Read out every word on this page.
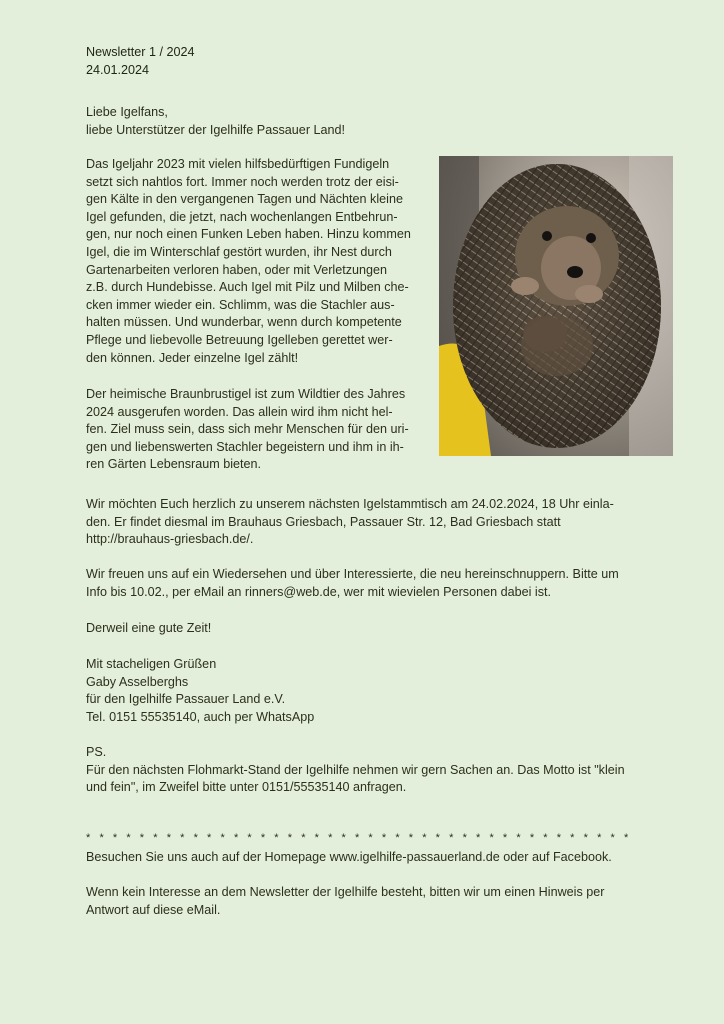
Newsletter 1 / 2024

24.01.2024

Liebe Igelfans,

liebe Unterstützer der Igelhilfe Passauer Land!

Das Igeljahr 2023 mit vielen hilfsbedürftigen Fundigeln

setzt sich nahtlos fort. Immer noch werden trotz der eisi-

gen Kälte in den vergangenen Tagen und Nächten kleine

Igel gefunden, die jetzt, nach wochenlangen Entbehrun-

gen, nur noch einen Funken Leben haben. Hinzu kommen

Igel, die im Winterschlaf gestört wurden, ihr Nest durch

Gartenarbeiten verloren haben, oder mit Verletzungen

z.B. durch Hundebisse. Auch Igel mit Pilz und Milben che-

cken immer wieder ein. Schlimm, was die Stachler aus-

halten müssen. Und wunderbar, wenn durch kompetente

Pflege und liebevolle Betreuung Igelleben gerettet wer-

den können. Jeder einzelne Igel zählt!

Der heimische Braunbrustigel ist zum Wildtier des Jahres

2024 ausgerufen worden. Das allein wird ihm nicht hel-

fen. Ziel muss sein, dass sich mehr Menschen für den uri-

gen und liebenswerten Stachler begeistern und ihm in ih-

ren Gärten Lebensraum bieten.

Wir möchten Euch herzlich zu unserem nächsten Igelstammtisch am 24.02.2024, 18 Uhr einla-

den. Er findet diesmal im Brauhaus Griesbach, Passauer Str. 12, Bad Griesbach statt

http://brauhaus-griesbach.de/.

Wir freuen uns auf ein Wiedersehen und über Interessierte, die neu hereinschnuppern. Bitte um

Info bis 10.02., per eMail an rinners@web.de, wer mit wievielen Personen dabei ist.

Derweil eine gute Zeit!

Mit stacheligen Grüßen

Gaby Asselberghs

für den Igelhilfe Passauer Land e.V.

Tel. 0151 55535140, auch per WhatsApp

PS.

Für den nächsten Flohmarkt-Stand der Igelhilfe nehmen wir gern Sachen an. Das Motto ist "klein

und fein", im Zweifel bitte unter 0151/55535140 anfragen.

*   *   *   *   *   *   *   *   *   *   *   *   *   *   *   *   *   *   *   *   *   *   *   *   *   *   *   *   *   *   *   *   *   *   *   *   *   *   *   *   *

Besuchen Sie uns auch auf der Homepage www.igelhilfe-passauerland.de oder auf Facebook.

Wenn kein Interesse an dem Newsletter der Igelhilfe besteht, bitten wir um einen Hinweis per

Antwort auf diese eMail.
